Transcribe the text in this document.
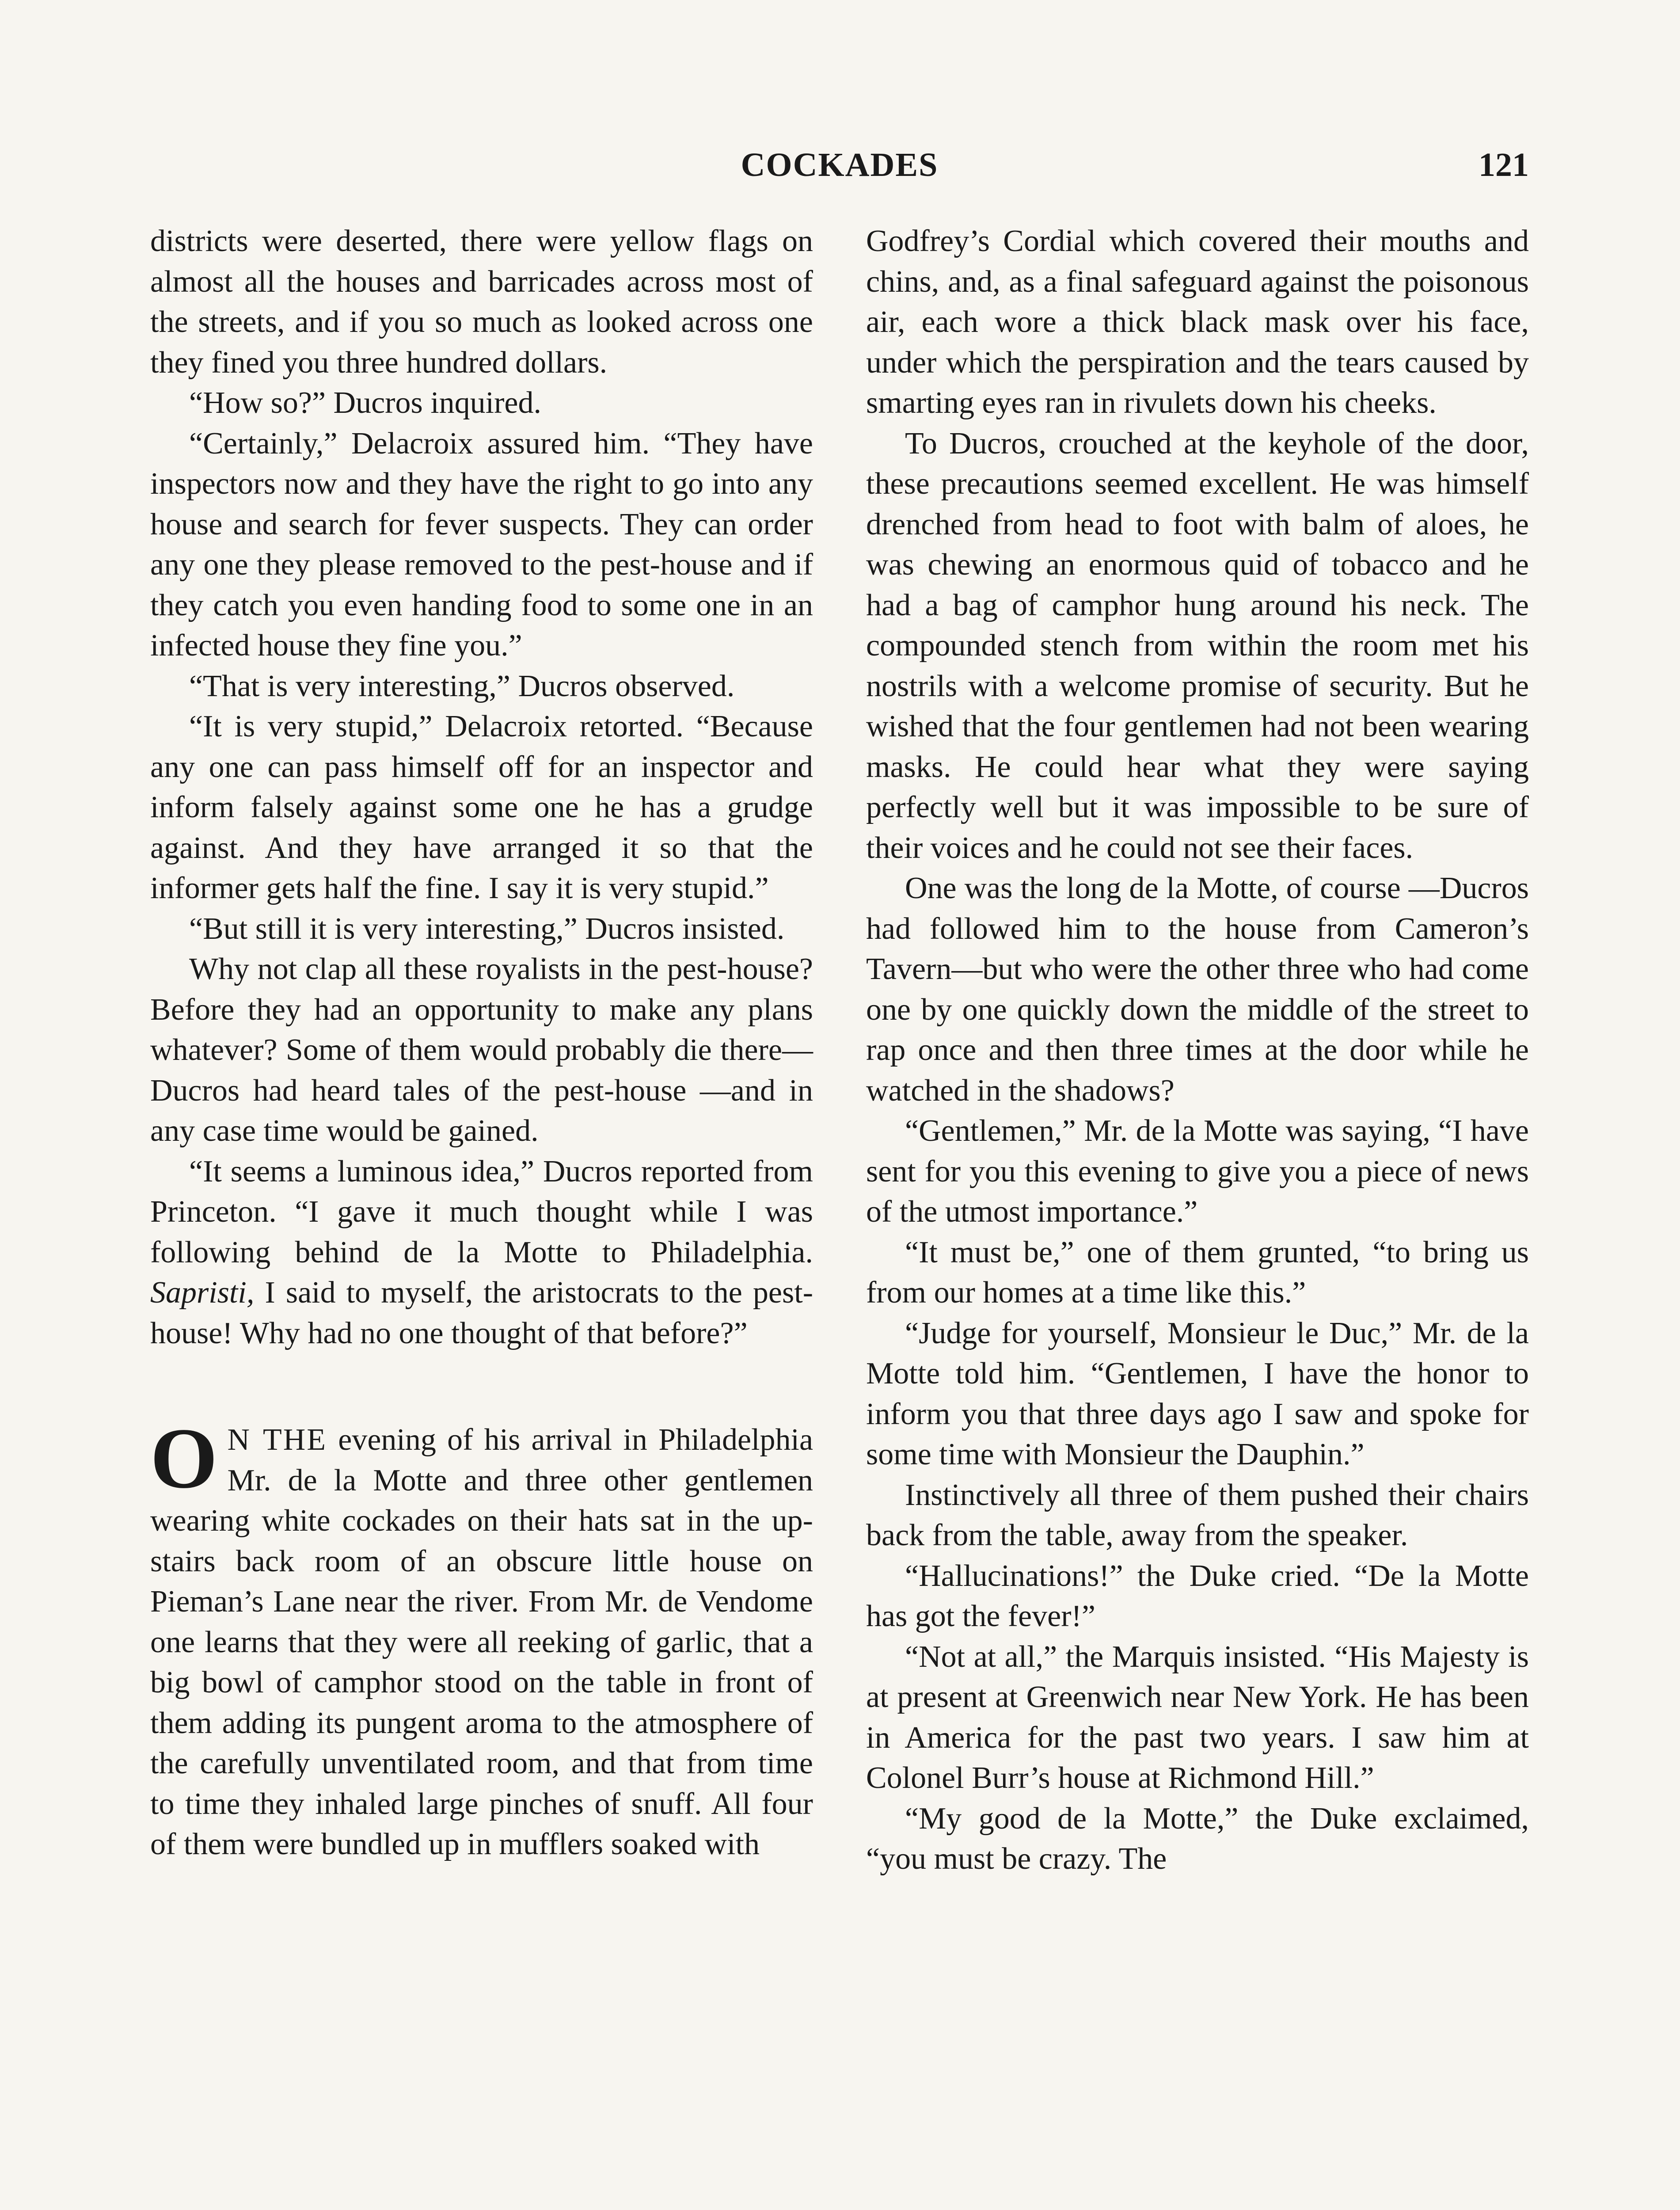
COCKADES	121

districts were deserted, there were yellow flags on almost all the houses and barricades across most of the streets, and if you so much as looked across one they fined you three hundred dollars.

“How so?” Ducros inquired.

“Certainly,” Delacroix assured him. “They have inspectors now and they have the right to go into any house and search for fever suspects. They can order any one they please removed to the pest-house and if they catch you even handing food to some one in an infected house they fine you.”

“That is very interesting,” Ducros observed.

“It is very stupid,” Delacroix retorted. “Because any one can pass himself off for an inspector and inform falsely against some one he has a grudge against. And they have arranged it so that the informer gets half the fine. I say it is very stupid.”

“But still it is very interesting,” Ducros insisted.

Why not clap all these royalists in the pest-house? Before they had an opportunity to make any plans whatever? Some of them would probably die there—Ducros had heard tales of the pest-house —and in any case time would be gained.

“It seems a luminous idea,” Ducros reported from Princeton. “I gave it much thought while I was following behind de la Motte to Philadelphia. Sapristi, I said to myself, the aristocrats to the pest-house! Why had no one thought of that before?”

O N THE evening of his arrival in Philadelphia Mr. de la Motte and three other gentlemen wearing white cockades on their hats sat in the up-stairs back room of an obscure little house on Pieman’s Lane near the river. From Mr. de Vendome one learns that they were all reeking of garlic, that a big bowl of camphor stood on the table in front of them adding its pungent aroma to the atmosphere of the carefully unventilated room, and that from time to time they inhaled large pinches of snuff. All four of them were bundled up in mufflers soaked with

Godfrey’s Cordial which covered their mouths and chins, and, as a final safeguard against the poisonous air, each wore a thick black mask over his face, under which the perspiration and the tears caused by smarting eyes ran in rivulets down his cheeks.

To Ducros, crouched at the keyhole of the door, these precautions seemed excellent. He was himself drenched from head to foot with balm of aloes, he was chewing an enormous quid of tobacco and he had a bag of camphor hung around his neck. The compounded stench from within the room met his nostrils with a welcome promise of security. But he wished that the four gentlemen had not been wearing masks. He could hear what they were saying perfectly well but it was impossible to be sure of their voices and he could not see their faces.

One was the long de la Motte, of course —Ducros had followed him to the house from Cameron’s Tavern—but who were the other three who had come one by one quickly down the middle of the street to rap once and then three times at the door while he watched in the shadows?

“Gentlemen,” Mr. de la Motte was saying, “I have sent for you this evening to give you a piece of news of the utmost importance.”

“It must be,” one of them grunted, “to bring us from our homes at a time like this.”

“Judge for yourself, Monsieur le Duc,” Mr. de la Motte told him. “Gentlemen, I have the honor to inform you that three days ago I saw and spoke for some time with Monsieur the Dauphin.”

Instinctively all three of them pushed their chairs back from the table, away from the speaker.

“Hallucinations!” the Duke cried. “De la Motte has got the fever!”

“Not at all,” the Marquis insisted. “His Majesty is at present at Greenwich near New York. He has been in America for the past two years. I saw him at Colonel Burr’s house at Richmond Hill.”

“My good de la Motte,” the Duke exclaimed, “you must be crazy. The
